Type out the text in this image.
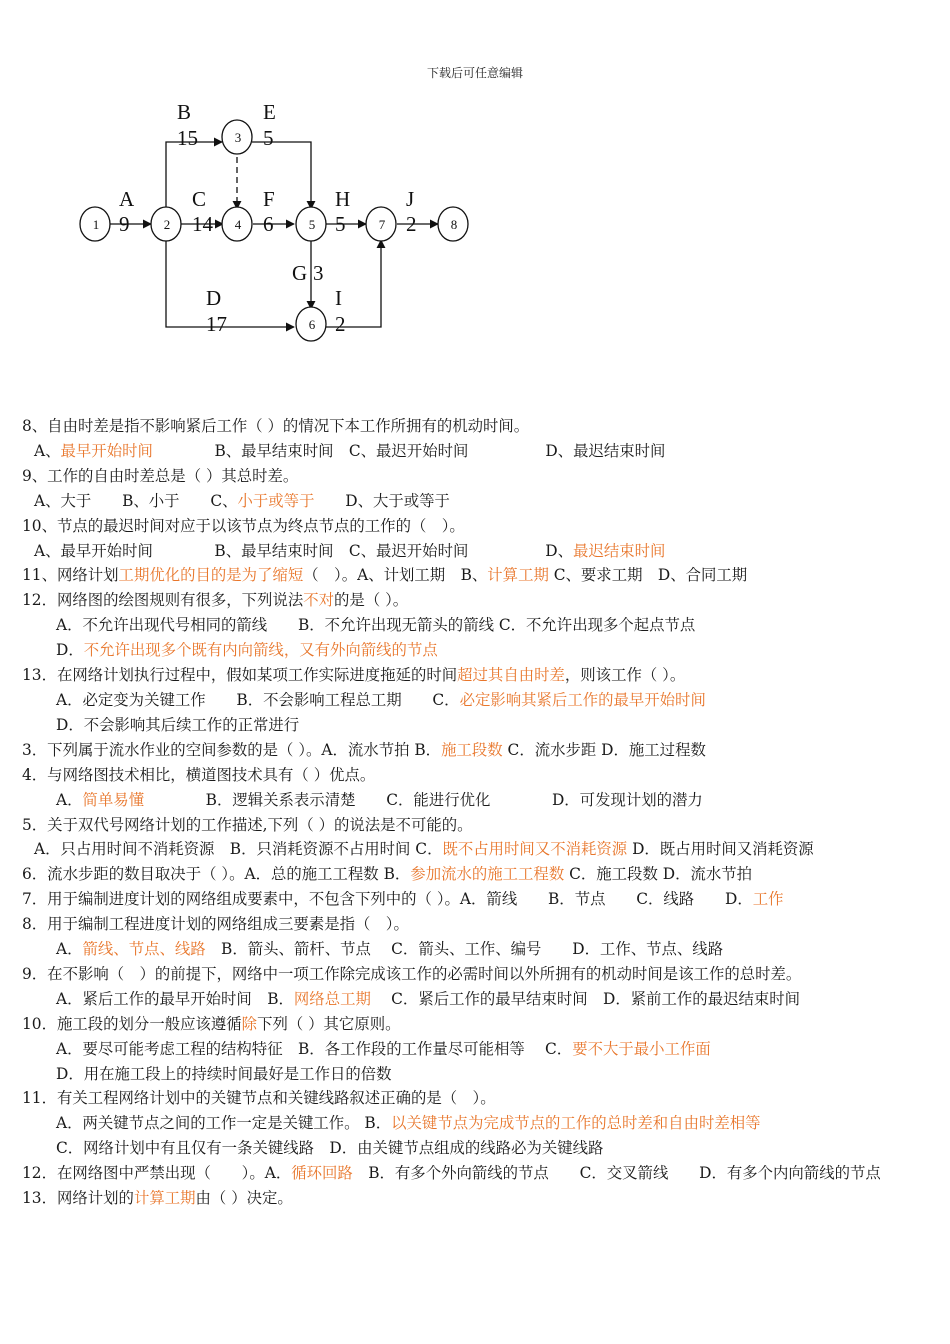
下载后可任意编辑
1	2
3
4	5
6
7	8
A
9
B
15
C
14
D
17
E
5
F
6
G 3
H
5
I
2
J
2
8、自由时差是指不影响紧后工作（ ）的情况下本工作所拥有的机动时间。
A、最早开始时间　　　　B、最早结束时间　C、最迟开始时间　　　　　D、最迟结束时间
9、工作的自由时差总是（ ）其总时差。
A、大于　　B、小于　　C、小于或等于　　D、大于或等于
10、节点的最迟时间对应于以该节点为终点节点的工作的（　）。
A、最早开始时间　　　　B、最早结束时间　C、最迟开始时间　　　　　D、最迟结束时间
11、网络计划工期优化的目的是为了缩短（　）。A、计划工期　B、计算工期 C、要求工期　D、合同工期
12．网络图的绘图规则有很多，下列说法不对的是（ ）。
A．不允许出现代号相同的箭线　　B．不允许出现无箭头的箭线 C．不允许出现多个起点节点
D．不允许出现多个既有内向箭线，又有外向箭线的节点
13．在网络计划执行过程中，假如某项工作实际进度拖延的时间超过其自由时差，则该工作（ ）。
A．必定变为关键工作　　B．不会影响工程总工期　　C．必定影响其紧后工作的最早开始时间
D．不会影响其后续工作的正常进行
3．下列属于流水作业的空间参数的是（ ）。A．流水节拍 B．施工段数 C．流水步距 D．施工过程数
4．与网络图技术相比，横道图技术具有（ ）优点。
A．简单易懂　　　　B．逻辑关系表示清楚　　C．能进行优化　　　　D．可发现计划的潜力
5．关于双代号网络计划的工作描述,下列（ ）的说法是不可能的。
A．只占用时间不消耗资源　B．只消耗资源不占用时间 C．既不占用时间又不消耗资源 D．既占用时间又消耗资源
6．流水步距的数目取决于（ ）。A．总的施工工程数 B．参加流水的施工工程数 C．施工段数 D．流水节拍
7．用于编制进度计划的网络组成要素中，不包含下列中的（ ）。A．箭线　　B．节点　　C．线路　　D．工作
8．用于编制工程进度计划的网络组成三要素是指（　）。
A．箭线、节点、线路　B．箭头、箭杆、节点　 C．箭头、工作、编号　　D．工作、节点、线路
9．在不影响（　）的前提下，网络中一项工作除完成该工作的必需时间以外所拥有的机动时间是该工作的总时差。
A．紧后工作的最早开始时间　B．网络总工期　 C．紧后工作的最早结束时间　D．紧前工作的最迟结束时间
10．施工段的划分一般应该遵循除下列（ ）其它原则。
A．要尽可能考虑工程的结构特征　B．各工作段的工作量尽可能相等　 C．要不大于最小工作面
D．用在施工段上的持续时间最好是工作日的倍数
11．有关工程网络计划中的关键节点和关键线路叙述正确的是（　）。
A．两关键节点之间的工作一定是关键工作。 B．以关键节点为完成节点的工作的总时差和自由时差相等
C．网络计划中有且仅有一条关键线路　D．由关键节点组成的线路必为关键线路
12．在网络图中严禁出现（　　）。A．循环回路　B．有多个外向箭线的节点　　C．交叉箭线　　D．有多个内向箭线的节点
13．网络计划的计算工期由（ ）决定。
